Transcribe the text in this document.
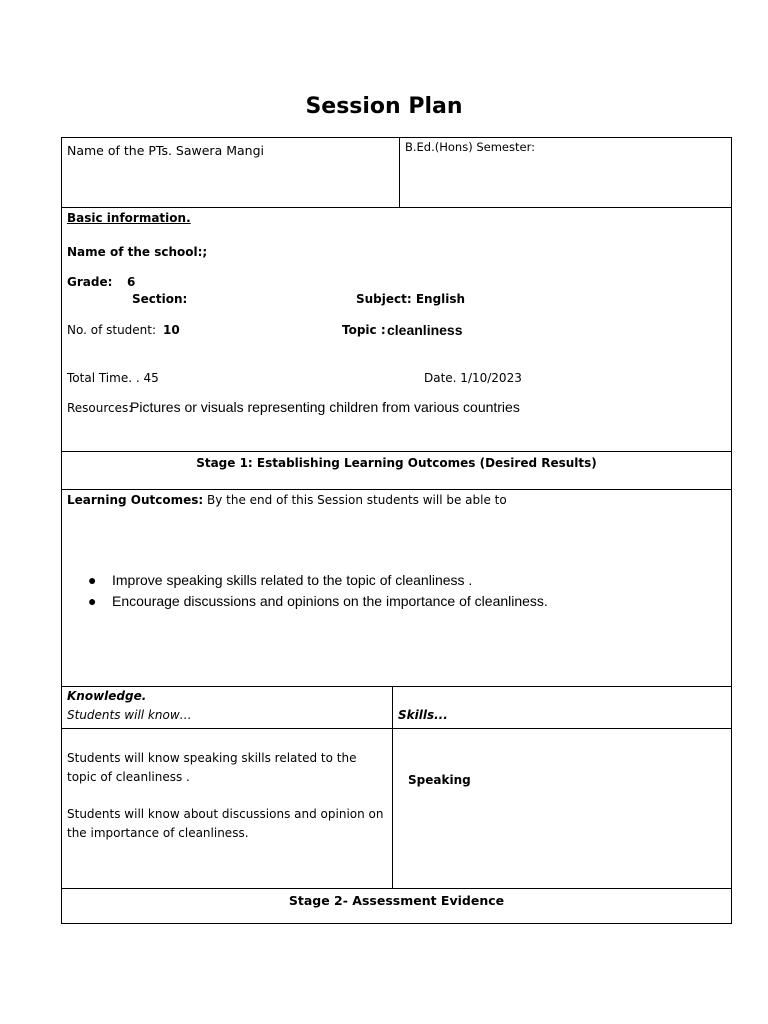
Session Plan
Name of the PTs. Sawera Mangi	B.Ed.(Hons) Semester:
Basic information.
Name of the school:;
Grade: 6
Section:	Subject: English
No. of student: 10	Topic : cleanliness
Total Time. . 45	Date. 1/10/2023
Resources:
Pictures or visuals representing children from various countries
Stage 1: Establishing Learning Outcomes (Desired Results)
Learning Outcomes: By the end of this Session students will be able to
● Improve speaking skills related to the topic of cleanliness .
● Encourage discussions and opinions on the importance of cleanliness.
Knowledge.
Students will know…	Skills...
Students will know speaking skills related to the topic of cleanliness .
Students will know about discussions and opinion on the importance of cleanliness.
Speaking
Stage 2- Assessment Evidence
